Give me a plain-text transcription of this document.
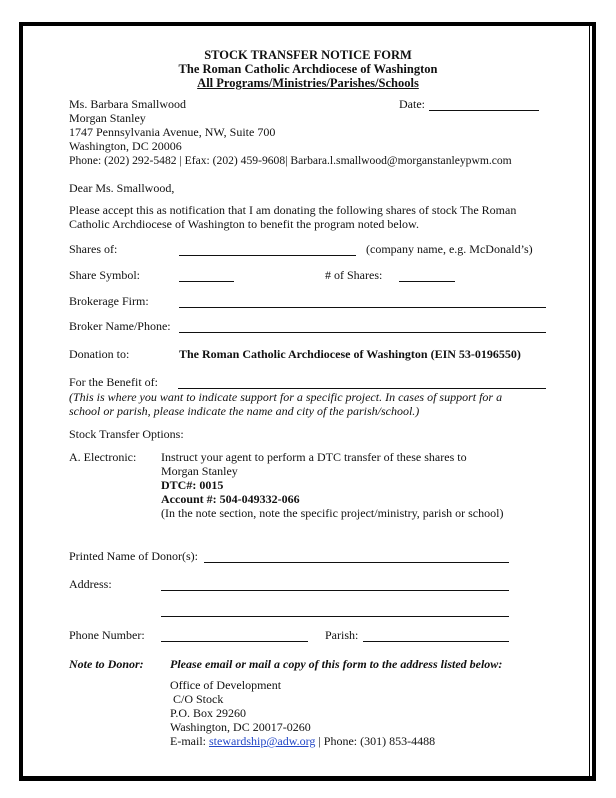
STOCK TRANSFER NOTICE FORM
The Roman Catholic Archdiocese of Washington
All Programs/Ministries/Parishes/Schools
Ms. Barbara Smallwood
Morgan Stanley
1747 Pennsylvania Avenue, NW, Suite 700
Washington, DC 20006
Phone: (202) 292-5482 | Efax: (202) 459-9608| Barbara.l.smallwood@morganstanleypwm.com
Date:
Dear Ms. Smallwood,
Please accept this as notification that I am donating the following shares of stock The Roman
Catholic Archdiocese of Washington to benefit the program noted below.
Shares of:	(company name, e.g. McDonald’s)
Share Symbol:	# of Shares:
Brokerage Firm:
Broker Name/Phone:
Donation to:	The Roman Catholic Archdiocese of Washington (EIN 53-0196550)
For the Benefit of:
(This is where you want to indicate support for a specific project. In cases of support for a
school or parish, please indicate the name and city of the parish/school.)
Stock Transfer Options:
A. Electronic: Instruct your agent to perform a DTC transfer of these shares to
Morgan Stanley
DTC#: 0015
Account #: 504-049332-066
(In the note section, note the specific project/ministry, parish or school)
Printed Name of Donor(s):
Address:
Phone Number:	Parish:
Note to Donor: Please email or mail a copy of this form to the address listed below:
Office of Development
C/O Stock
P.O. Box 29260
Washington, DC 20017-0260
E-mail: stewardship@adw.org | Phone: (301) 853-4488
